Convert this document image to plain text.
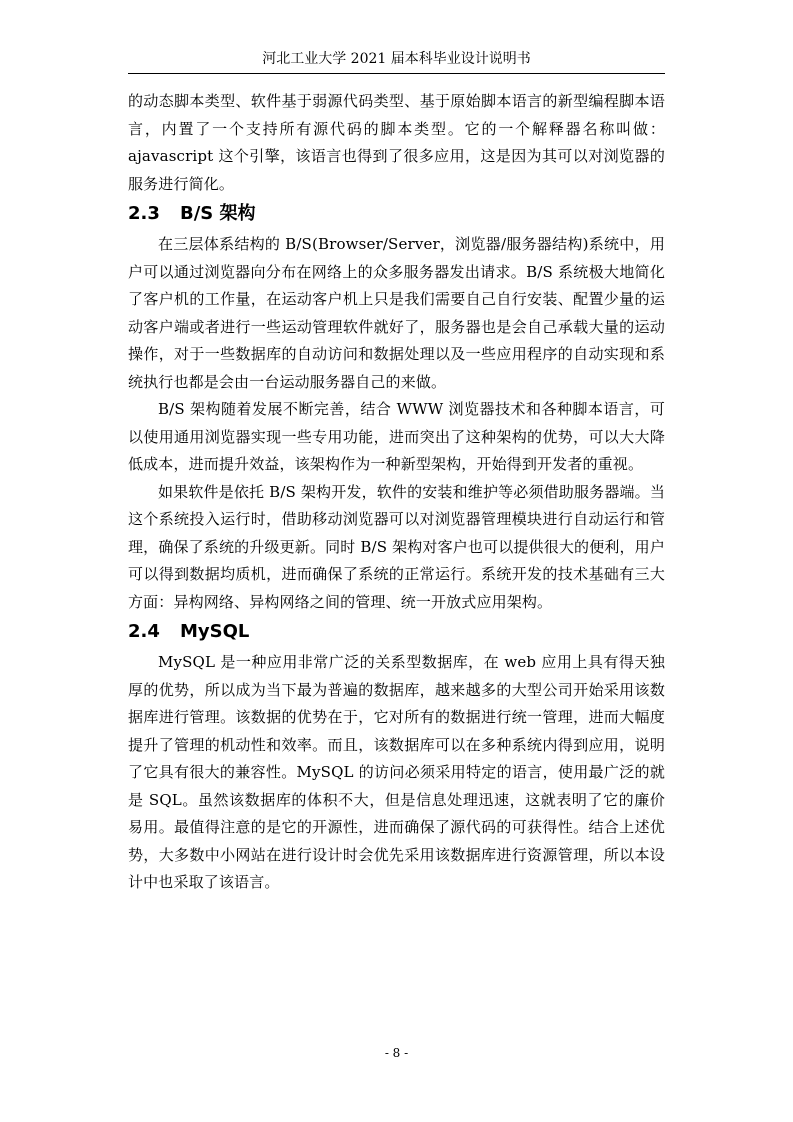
河北工业大学 2021 届本科毕业设计说明书

的动态脚本类型、软件基于弱源代码类型、基于原始脚本语言的新型编程脚本语言，内置了一个支持所有源代码的脚本类型。它的一个解释器名称叫做：ajavascript 这个引擎，该语言也得到了很多应用，这是因为其可以对浏览器的服务进行简化。

2.3 B/S 架构

在三层体系结构的 B/S(Browser/Server，浏览器/服务器结构)系统中，用户可以通过浏览器向分布在网络上的众多服务器发出请求。B/S 系统极大地简化了客户机的工作量，在运动客户机上只是我们需要自己自行安装、配置少量的运动客户端或者进行一些运动管理软件就好了，服务器也是会自己承载大量的运动操作，对于一些数据库的自动访问和数据处理以及一些应用程序的自动实现和系统执行也都是会由一台运动服务器自己的来做。

B/S 架构随着发展不断完善，结合 WWW 浏览器技术和各种脚本语言，可以使用通用浏览器实现一些专用功能，进而突出了这种架构的优势，可以大大降低成本，进而提升效益，该架构作为一种新型架构，开始得到开发者的重视。

如果软件是依托 B/S 架构开发，软件的安装和维护等必须借助服务器端。当这个系统投入运行时，借助移动浏览器可以对浏览器管理模块进行自动运行和管理，确保了系统的升级更新。同时 B/S 架构对客户也可以提供很大的便利，用户可以得到数据均质机，进而确保了系统的正常运行。系统开发的技术基础有三大方面：异构网络、异构网络之间的管理、统一开放式应用架构。

2.4 MySQL

MySQL 是一种应用非常广泛的关系型数据库，在 web 应用上具有得天独厚的优势，所以成为当下最为普遍的数据库，越来越多的大型公司开始采用该数据库进行管理。该数据的优势在于，它对所有的数据进行统一管理，进而大幅度提升了管理的机动性和效率。而且，该数据库可以在多种系统内得到应用，说明了它具有很大的兼容性。MySQL 的访问必须采用特定的语言，使用最广泛的就是 SQL。虽然该数据库的体积不大，但是信息处理迅速，这就表明了它的廉价易用。最值得注意的是它的开源性，进而确保了源代码的可获得性。结合上述优势，大多数中小网站在进行设计时会优先采用该数据库进行资源管理，所以本设计中也采取了该语言。

- 8 -
